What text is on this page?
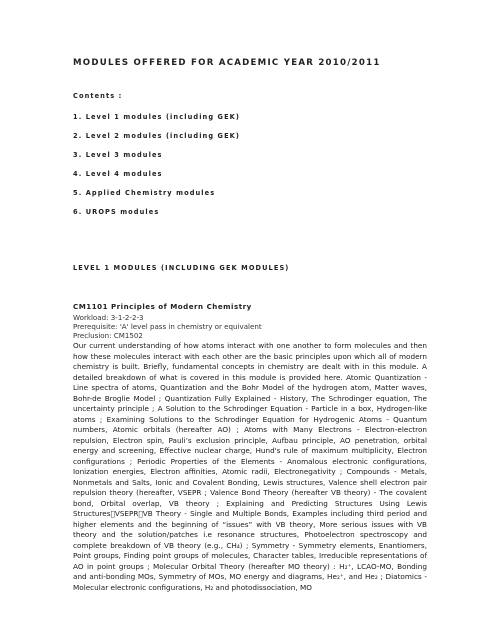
MODULES OFFERED FOR ACADEMIC YEAR 2010/2011
Contents :
1. Level 1 modules (including GEK)
2. Level 2 modules (including GEK)
3. Level 3 modules
4. Level 4 modules
5. Applied Chemistry modules
6. UROPS modules
LEVEL 1 MODULES (INCLUDING GEK MODULES)
CM1101 Principles of Modern Chemistry
Workload: 3-1-2-2-3
Prerequisite: 'A' level pass in chemistry or equivalent
Preclusion: CM1502

Our current understanding of how atoms interact with one another to form molecules and then how these molecules interact with each other are the basic principles upon which all of modern chemistry is built. Briefly, fundamental concepts in chemistry are dealt with in this module. A detailed breakdown of what is covered in this module is provided here. Atomic Quantization - Line spectra of atoms, Quantization and the Bohr Model of the hydrogen atom, Matter waves, Bohr-de Broglie Model ; Quantization Fully Explained - History, The Schrodinger equation, The uncertainty principle ; A Solution to the Schrodinger Equation - Particle in a box, Hydrogen-like atoms ; Examining Solutions to the Schrodinger Equation for Hydrogenic Atoms - Quantum numbers, Atomic orbitals (hereafter AO) ; Atoms with Many Electrons - Electron-electron repulsion, Electron spin, Pauli’s exclusion principle, Aufbau principle, AO penetration, orbital energy and screening, Effective nuclear charge, Hund's rule of maximum multiplicity, Electron configurations ; Periodic Properties of the Elements - Anomalous electronic configurations, Ionization energies, Electron affinities, Atomic radii, Electronegativity ; Compounds - Metals, Nonmetals and Salts, Ionic and Covalent Bonding, Lewis structures, Valence shell electron pair repulsion theory (hereafter, VSEPR ; Valence Bond Theory (hereafter VB theory) - The covalent bond, Orbital overlap, VB theory ; Explaining and Predicting Structures Using Lewis Structures VSEPR VB Theory - Single and Multiple Bonds, Examples including third period and higher elements and the beginning of “issues” with VB theory, More serious issues with VB theory and the solution/patches i.e resonance structures, Photoelectron spectroscopy and complete breakdown of VB theory (e.g., CH₄) ; Symmetry - Symmetry elements, Enantiomers, Point groups, Finding point groups of molecules, Character tables, Irreducible representations of AO in point groups ; Molecular Orbital Theory (hereafter MO theory) : H₂⁺, LCAO-MO, Bonding and anti-bonding MOs, Symmetry of MOs, MO energy and diagrams, He₂⁺, and He₂ ; Diatomics - Molecular electronic configurations, H₂ and photodissociation, MO
